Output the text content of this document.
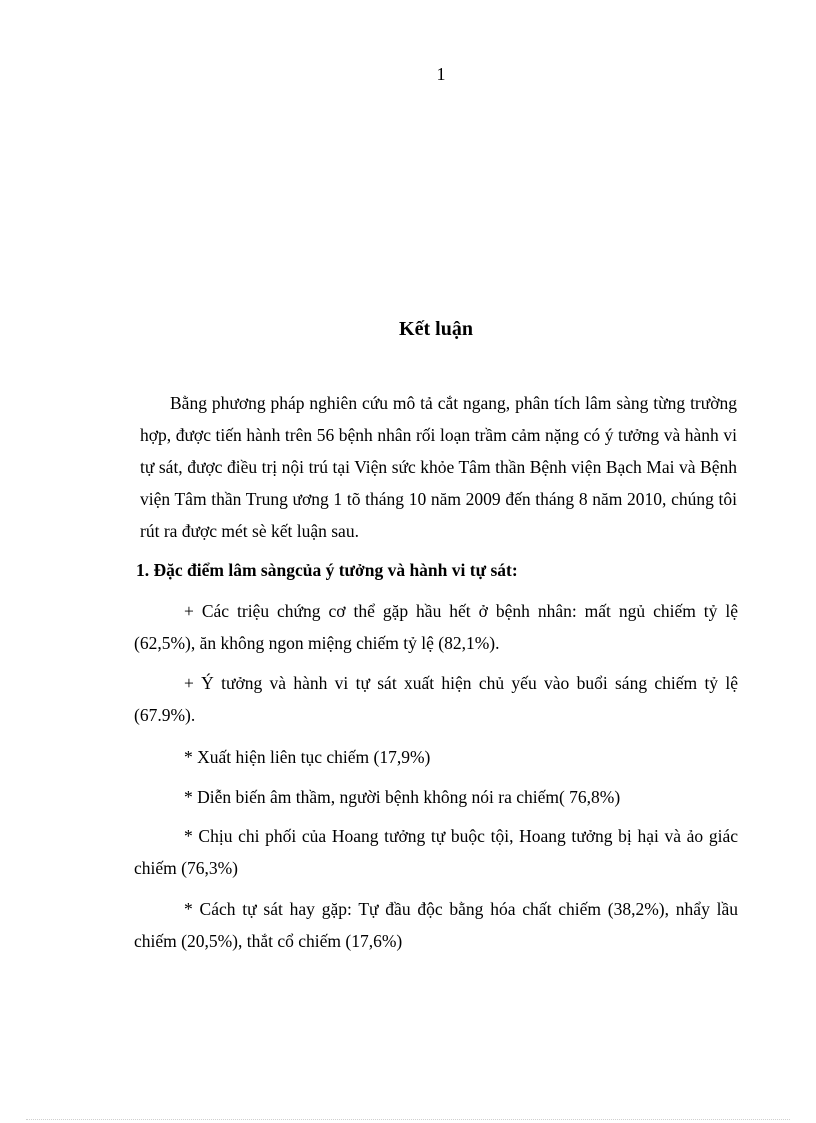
1
Kết luận

Bằng phương pháp nghiên cứu mô tả cắt ngang, phân tích lâm sàng từng trường hợp, được tiến hành trên 56 bệnh nhân rối loạn trầm cảm nặng có ý tưởng và hành vi tự sát, được điều trị nội trú tại Viện sức khỏe Tâm thần Bệnh viện Bạch Mai và Bệnh viện Tâm thần Trung ương 1 tõ tháng 10 năm 2009 đến tháng 8 năm 2010, chúng tôi rút ra được mét sè kết luận sau.

1. Đặc điểm lâm sàngcủa ý tưởng và hành vi tự sát:

+ Các triệu chứng cơ thể gặp hầu hết ở bệnh nhân: mất ngủ chiếm tỷ lệ (62,5%), ăn không ngon miệng chiếm tỷ lệ (82,1%).

+ Ý tưởng và hành vi tự sát xuất hiện chủ yếu vào buổi sáng chiếm tỷ lệ (67.9%).

* Xuất hiện liên tục chiếm (17,9%)

* Diễn biến âm thầm, người bệnh không nói ra chiếm( 76,8%)

* Chịu chi phối của Hoang tưởng tự buộc tội, Hoang tưởng bị hại và ảo giác chiếm (76,3%)

* Cách tự sát hay gặp: Tự đầu độc bằng hóa chất chiếm (38,2%), nhẩy lầu chiếm (20,5%), thắt cổ chiếm (17,6%)
